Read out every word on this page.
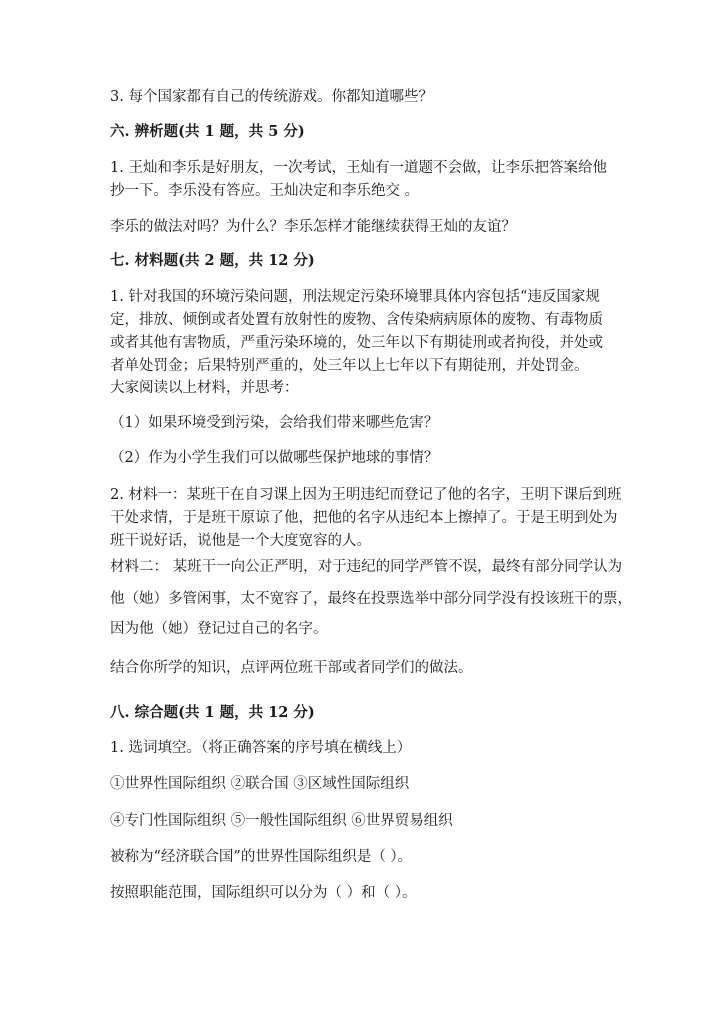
3. 每个国家都有自己的传统游戏。你都知道哪些？
六. 辨析题(共 1 题，共 5 分)
1. 王灿和李乐是好朋友，一次考试，王灿有一道题不会做，让李乐把答案给他
抄一下。李乐没有答应。王灿决定和李乐绝交 。
李乐的做法对吗？为什么？李乐怎样才能继续获得王灿的友谊？
七. 材料题(共 2 题，共 12 分)
1. 针对我国的环境污染问题，刑法规定污染环境罪具体内容包括“违反国家规
定，排放、倾倒或者处置有放射性的废物、含传染病病原体的废物、有毒物质
或者其他有害物质，严重污染环境的，处三年以下有期徒刑或者拘役，并处或
者单处罚金；后果特别严重的，处三年以上七年以下有期徒刑，并处罚金。
大家阅读以上材料，并思考：
（1）如果环境受到污染，会给我们带来哪些危害？
（2）作为小学生我们可以做哪些保护地球的事情？
2. 材料一：某班干在自习课上因为王明违纪而登记了他的名字，王明下课后到班
干处求情，于是班干原谅了他，把他的名字从违纪本上擦掉了。于是王明到处为
班干说好话，说他是一个大度宽容的人。
材料二： 某班干一向公正严明，对于违纪的同学严管不误，最终有部分同学认为
他（她）多管闲事，太不宽容了，最终在投票选举中部分同学没有投该班干的票，
因为他（她）登记过自己的名字。
结合你所学的知识，点评两位班干部或者同学们的做法。
八. 综合题(共 1 题，共 12 分)
1. 选词填空。（将正确答案的序号填在横线上）
①世界性国际组织 ②联合国 ③区域性国际组织
④专门性国际组织 ⑤一般性国际组织 ⑥世界贸易组织
被称为“经济联合国”的世界性国际组织是（ ）。
按照职能范围，国际组织可以分为（ ）和（ ）。
